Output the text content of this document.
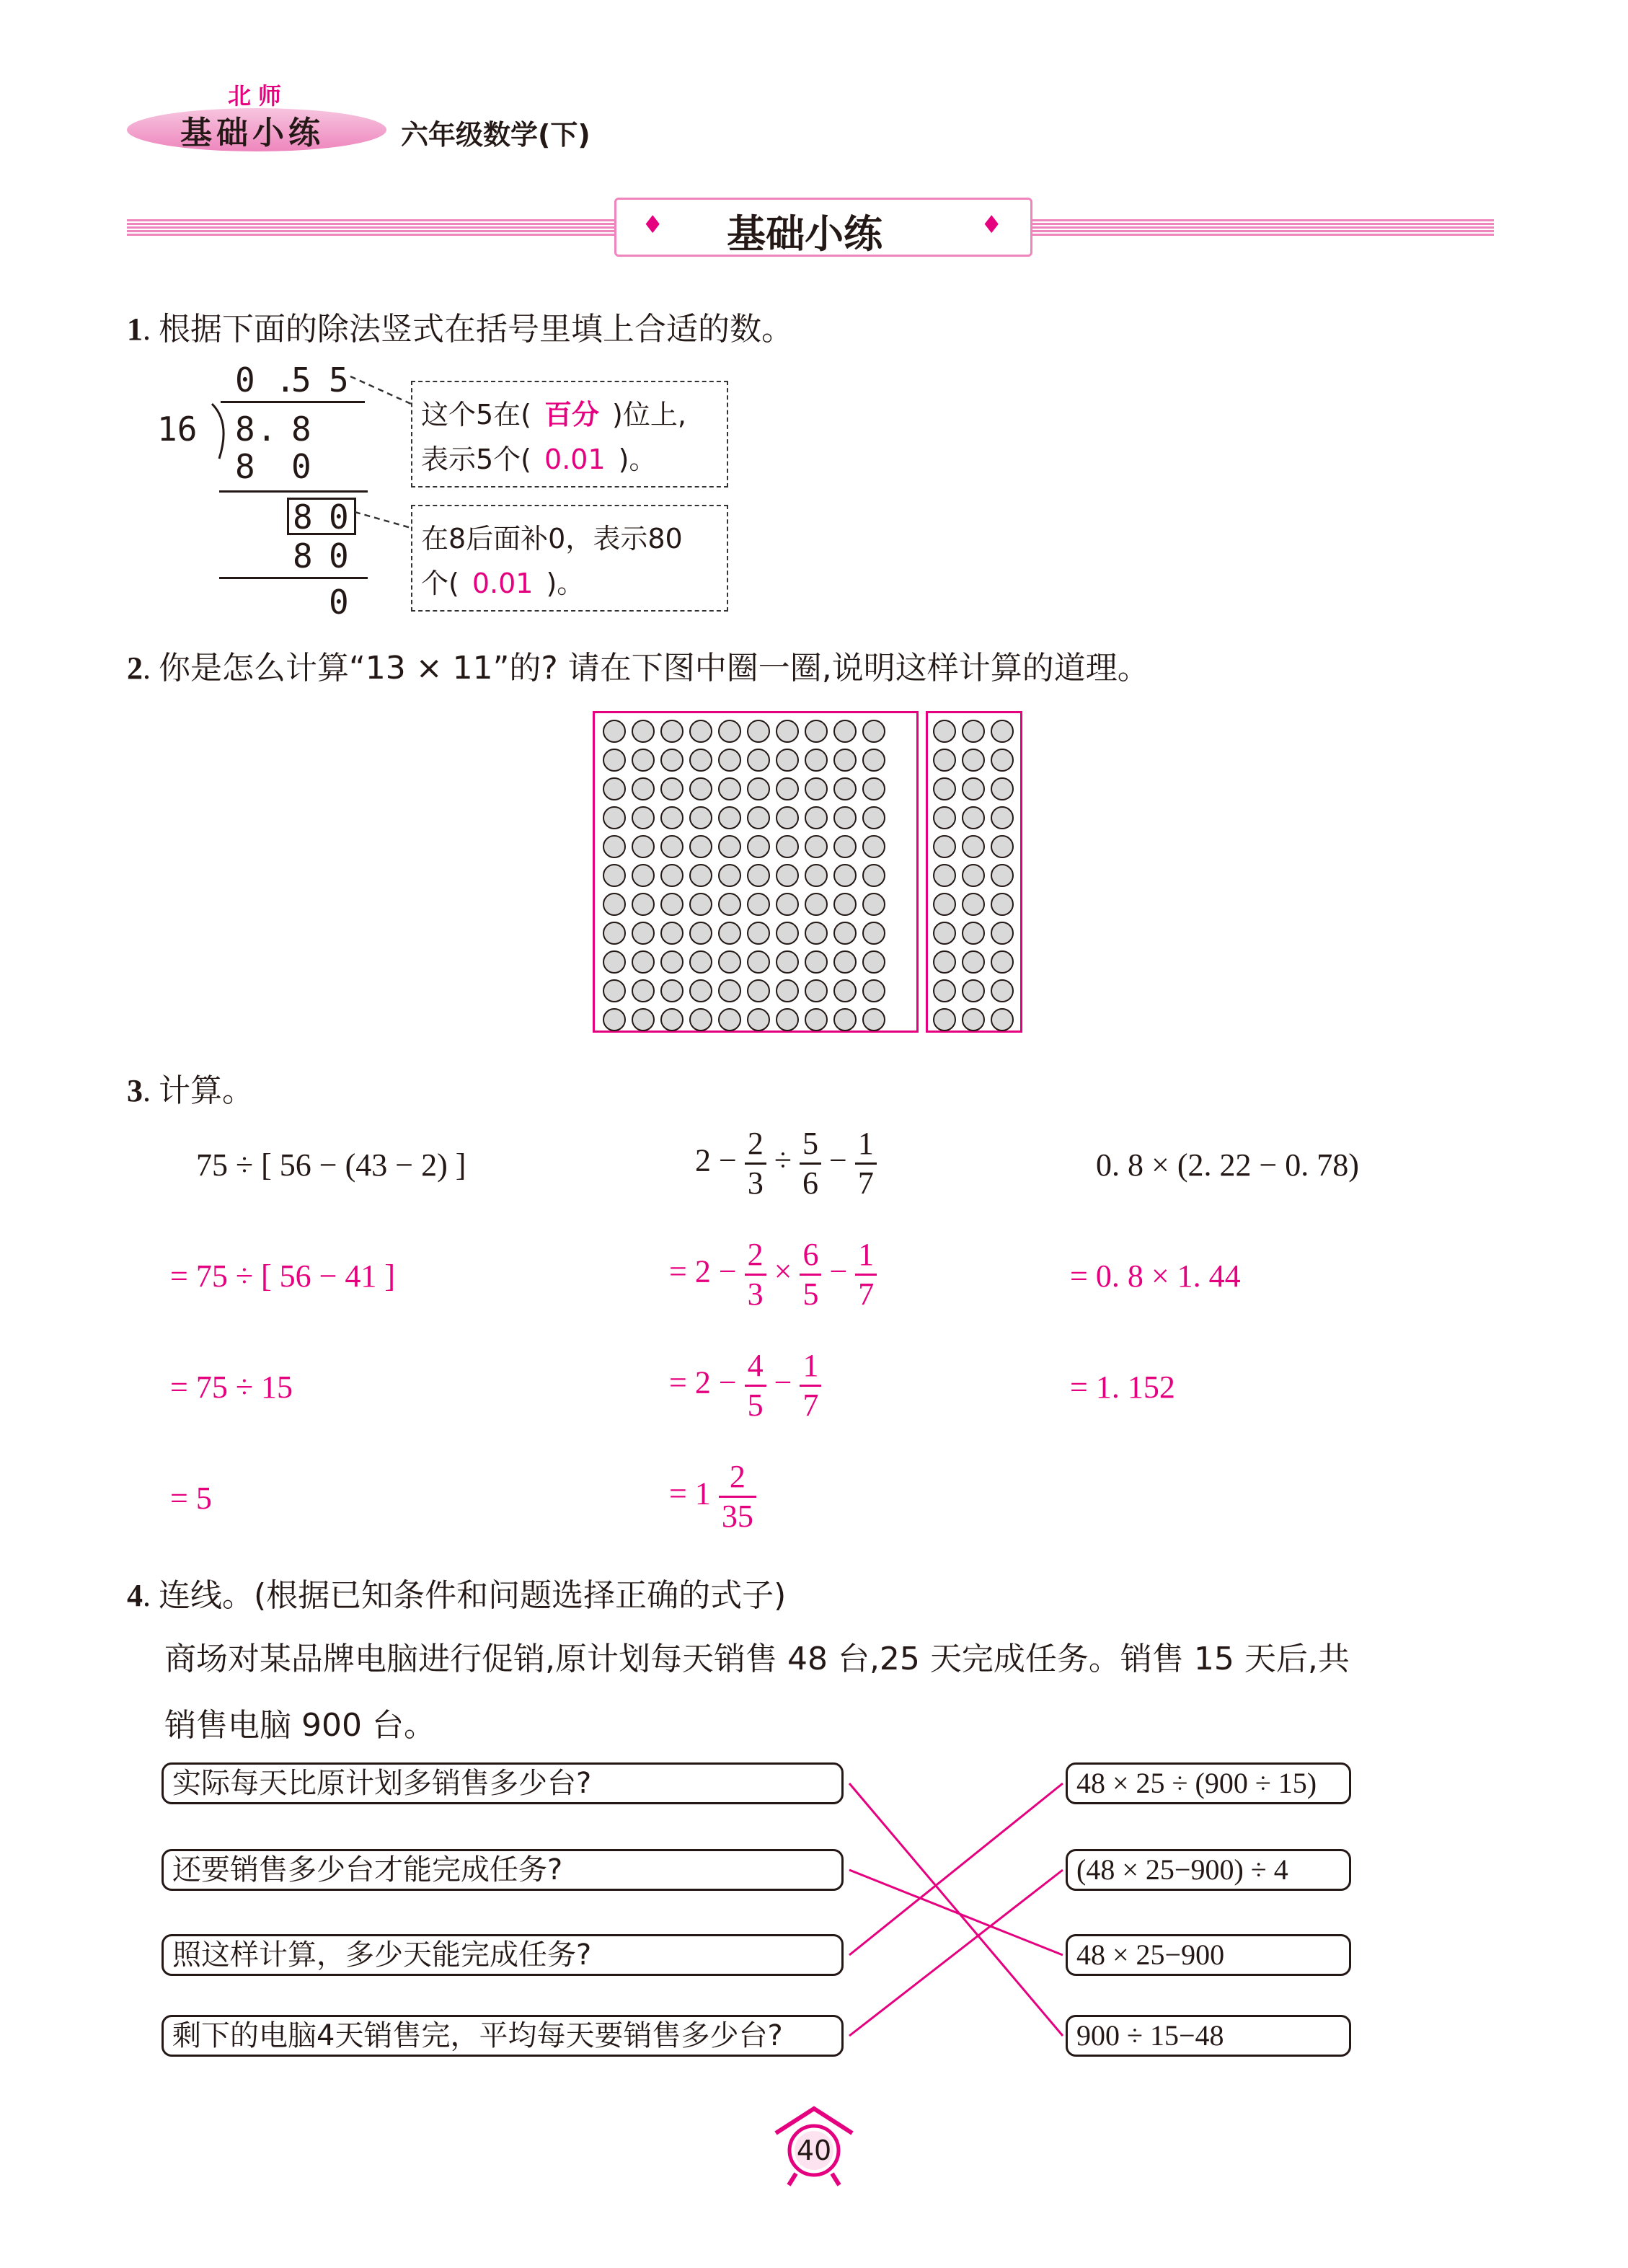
北师
基础小练	六年级数学(下)
♦ 基础小练	♦
1. 根据下面的除法竖式在括号里填上合适的数。
0 .
5 5
16 8 . 8
8 0
8 0
8 0
0
这个5在( 百分 )位上,
表示5个( 0.01 )。
在8后面补0，表示80
个( 0.01 )。
2. 你是怎么计算“13 × 11”的? 请在下图中圈一圈,说明这样计算的道理。
3. 计算。
75 ÷ [ 56 − (43 − 2) ]
= 75 ÷ [ 56 − 41 ]
= 75 ÷ 15
= 5
$2 - \frac{2}{3} \div \frac{5}{6} - \frac{1}{7}$
= $2 - \frac{2}{3} \times \frac{6}{5} - \frac{1}{7}$
= $2 - \frac{4}{5} - \frac{1}{7}$
= $1 \frac{2}{35}$
0. 8 × (2. 22 − 0. 78)
= 0. 8 × 1. 44
= 1. 152
4. 连线。(根据已知条件和问题选择正确的式子)
商场对某品牌电脑进行促销,原计划每天销售 48 台,25 天完成任务。销售 15 天后,共
销售电脑 900 台。
实际每天比原计划多销售多少台?
还要销售多少台才能完成任务?
照这样计算，多少天能完成任务?
剩下的电脑4天销售完，平均每天要销售多少台?
48 × 25 ÷ (900 ÷ 15)
(48 × 25−900) ÷ 4
48 × 25−900
900 ÷ 15−48
40
